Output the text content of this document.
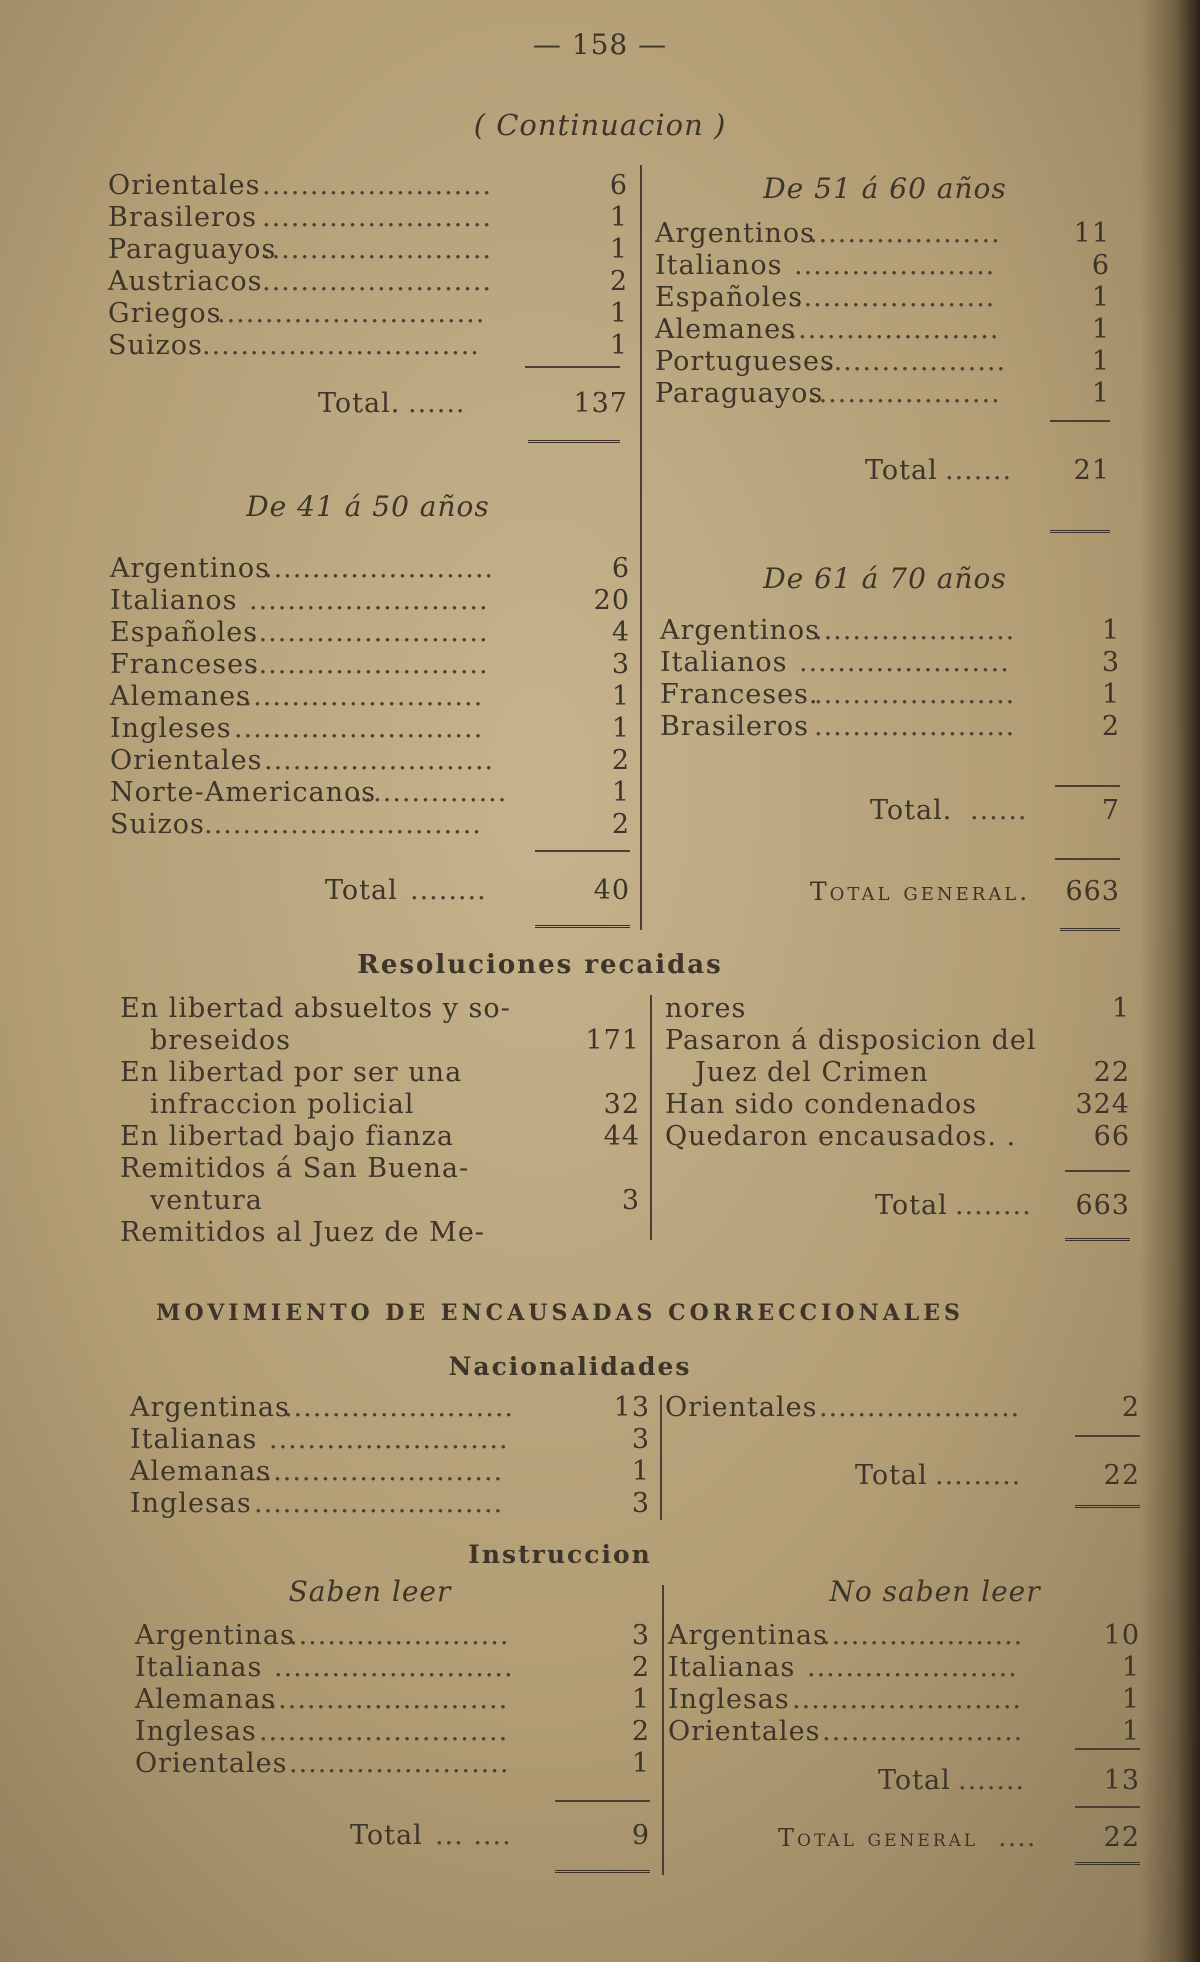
— 158 —
( Continuacion )
........................
Orientales	6
........................
Brasileros	1
........................
Paraguayos	1
........................
Austriacos	2
............................
Griegos	1
.............................
Suizos	1
Total. ......	137
De 41 á 50 años
........................
Argentinos	6
.........................
Italianos	20
.........................
Españoles	4
.........................
Franceses	3
..........................
Alemanes	1
..........................
Ingleses	1
........................
Orientales	2
................
Norte-Americanos	1
.............................
Suizos	2
Total ........	40
De 51 á 60 años
....................
Argentinos	11
.....................
Italianos	6
.....................
Españoles	1
.......................
Alemanes	1
...................
Portugueses	1
....................
Paraguayos	1
Total ....... 21
De 61 á 70 años
.....................
Argentinos	1
......................
Italianos	3
.....................
Franceses.	1
.....................
Brasileros	2
Total. ......	7
Total general. 663
Resoluciones recaidas
En libertad absueltos y so-
breseidos	171
En libertad por ser una
infraccion policial	32
En libertad bajo fianza	44
Remitidos á San Buena-
ventura	3
Remitidos al Juez de Me-
nores	1
Pasaron á disposicion del
Juez del Crimen	22
Han sido condenados	324
Quedaron encausados. .	66
Total ........ 663
MOVIMIENTO DE ENCAUSADAS CORRECCIONALES
Nacionalidades
........................
Argentinas	13
.........................
Italianas	3
..........................
Alemanas	1
..........................
Inglesas	3
.....................
Orientales	2
Total .........	22
Instruccion
Saben leer	No saben leer
.......................
Argentinas	3
.........................
Italianas	2
..........................
Alemanas	1
..........................
Inglesas	2
.......................
Orientales	1
Total ... ....	9
.....................
Argentinas	10
......................
Italianas	1
........................
Inglesas	1
.....................
Orientales	1
Total .......	13
Total general .... 22
